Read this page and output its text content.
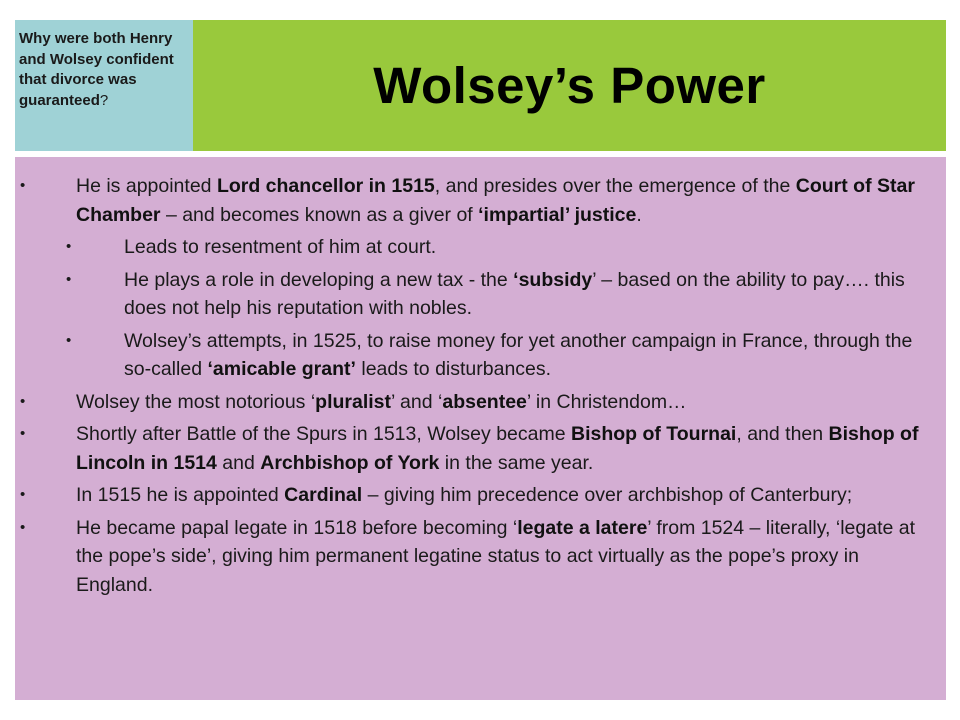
Why were both Henry and Wolsey confident that divorce was guaranteed?	Wolsey’s Power
•	He is appointed Lord chancellor in 1515, and presides over the emergence of the Court of Star Chamber – and becomes known as a giver of ‘impartial’ justice.
•	Leads to resentment of him at court.
•	He plays a role in developing a new tax - the ‘subsidy’ – based on the ability to pay…. this does not help his reputation with nobles.
•	Wolsey’s attempts, in 1525, to raise money for yet another campaign in France, through the so-called ‘amicable grant’ leads to disturbances.
•	Wolsey the most notorious ‘pluralist’ and ‘absentee’ in Christendom…
•	Shortly after Battle of the Spurs in 1513, Wolsey became Bishop of Tournai, and then Bishop of Lincoln in 1514 and Archbishop of York in the same year.
•	In 1515 he is appointed Cardinal – giving him precedence over archbishop of Canterbury;
•	He became papal legate in 1518 before becoming ‘legate a latere’ from 1524 – literally, ‘legate at the pope’s side’, giving him permanent legatine status to act virtually as the pope’s proxy in England.
